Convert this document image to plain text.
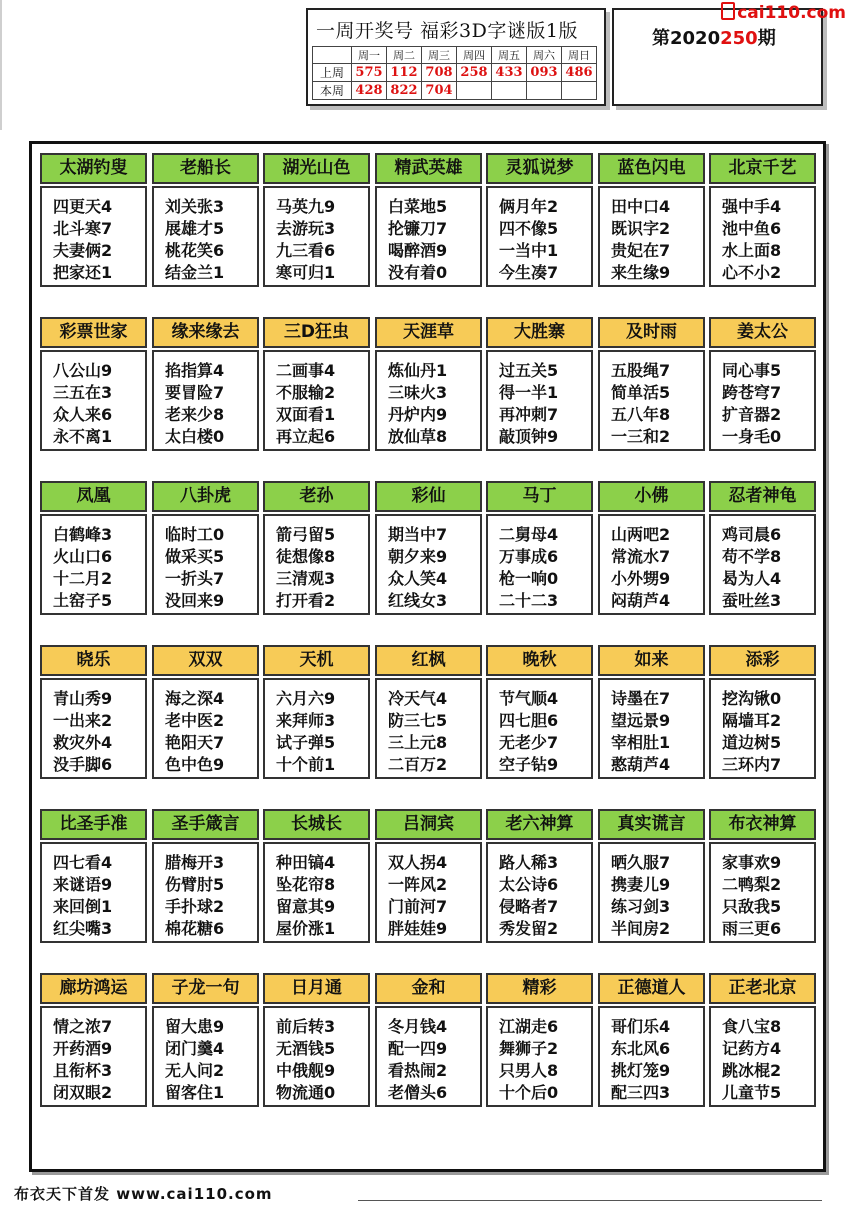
一周开奖号 福彩3D字谜版1版
	周一	周二	周三	周四	周五	周六	周日
上周	575	112	708	258	433	093	486
本周	428	822	704				
第2020250期
cai110.com
太湖钓叟
四更天4
北斗寒7
夫妻俩2
把家还1
老船长
刘关张3
展雄才5
桃花笑6
结金兰1
湖光山色
马英九9
去游玩3
九三看6
寒可归1
精武英雄
白菜地5
抡镰刀7
喝醉酒9
没有着0
灵狐说梦
俩月年2
四不像5
一当中1
今生凑7
蓝色闪电
田中口4
既识字2
贵妃在7
来生缘9
北京千艺
强中手4
池中鱼6
水上面8
心不小2
彩票世家
八公山9
三五在3
众人来6
永不离1
缘来缘去
掐指算4
要冒险7
老来少8
太白楼0
三D狂虫
二画事4
不服输2
双面看1
再立起6
天涯草
炼仙丹1
三味火3
丹炉内9
放仙草8
大胜寨
过五关5
得一半1
再冲刺7
敲顶钟9
及时雨
五股绳7
简单活5
五八年8
一三和2
姜太公
同心事5
跨苍穹7
扩音器2
一身毛0
凤凰
白鹤峰3
火山口6
十二月2
土窑子5
八卦虎
临时工0
做采买5
一折头7
没回来9
老孙
箭弓留5
徒想像8
三清观3
打开看2
彩仙
期当中7
朝夕来9
众人笑4
红线女3
马丁
二舅母4
万事成6
枪一响0
二十二3
小佛
山两吧2
常流水7
小外甥9
闷葫芦4
忍者神龟
鸡司晨6
苟不学8
曷为人4
蚕吐丝3
晓乐
青山秀9
一出来2
救灾外4
没手脚6
双双
海之深4
老中医2
艳阳天7
色中色9
天机
六月六9
来拜师3
试子弹5
十个前1
红枫
冷天气4
防三七5
三上元8
二百万2
晚秋
节气顺4
四七胆6
无老少7
空子钻9
如来
诗墨在7
望远景9
宰相肚1
憨葫芦4
添彩
挖沟锹0
隔墙耳2
道边树5
三环内7
比圣手准
四七看4
来谜语9
来回倒1
红尖嘴3
圣手箴言
腊梅开3
伤臂肘5
手扑球2
棉花糖6
长城长
种田镐4
坠花帘8
留意其9
屋价涨1
吕洞宾
双人拐4
一阵风2
门前河7
胖娃娃9
老六神算
路人稀3
太公诗6
侵略者7
秀发留2
真实谎言
晒久服7
携妻儿9
练习剑3
半间房2
布衣神算
家事欢9
二鸭梨2
只敌我5
雨三更6
廊坊鸿运
情之浓7
开药酒9
且衔杯3
闭双眼2
子龙一句
留大患9
闭门羹4
无人问2
留客住1
日月通
前后转3
无酒钱5
中俄舰9
物流通0
金和
冬月钱4
配一四9
看热闹2
老僧头6
精彩
江湖走6
舞狮子2
只男人8
十个后0
正德道人
哥们乐4
东北风6
挑灯笼9
配三四3
正老北京
食八宝8
记药方4
跳冰棍2
儿童节5
布衣天下首发 www.cai110.com
